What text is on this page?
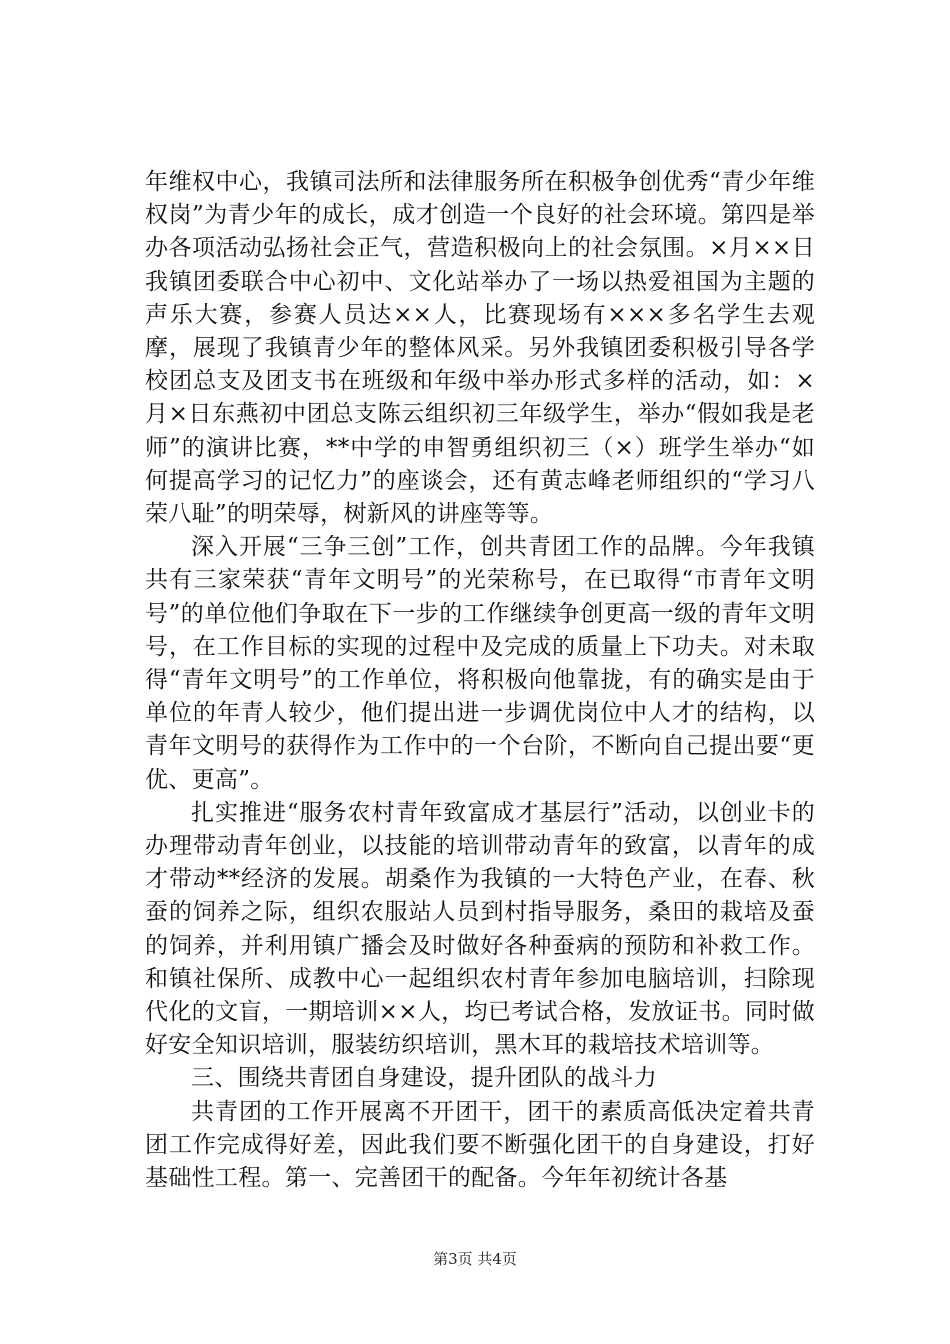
年维权中心，我镇司法所和法律服务所在积极争创优秀“青少年维权岗”为青少年的成长，成才创造一个良好的社会环境。第四是举办各项活动弘扬社会正气，营造积极向上的社会氛围。×月××日我镇团委联合中心初中、文化站举办了一场以热爱祖国为主题的声乐大赛，参赛人员达××人，比赛现场有×××多名学生去观摩，展现了我镇青少年的整体风采。另外我镇团委积极引导各学校团总支及团支书在班级和年级中举办形式多样的活动，如：×月×日东燕初中团总支陈云组织初三年级学生，举办“假如我是老师”的演讲比赛，**中学的申智勇组织初三（×）班学生举办“如何提高学习的记忆力”的座谈会，还有黄志峰老师组织的“学习八荣八耻”的明荣辱，树新风的讲座等等。

深入开展“三争三创”工作，创共青团工作的品牌。今年我镇共有三家荣获“青年文明号”的光荣称号，在已取得“市青年文明号”的单位他们争取在下一步的工作继续争创更高一级的青年文明号，在工作目标的实现的过程中及完成的质量上下功夫。对未取得“青年文明号”的工作单位，将积极向他靠拢，有的确实是由于单位的年青人较少，他们提出进一步调优岗位中人才的结构，以青年文明号的获得作为工作中的一个台阶，不断向自己提出要“更优、更高”。

扎实推进“服务农村青年致富成才基层行”活动，以创业卡的办理带动青年创业，以技能的培训带动青年的致富，以青年的成才带动**经济的发展。胡桑作为我镇的一大特色产业，在春、秋蚕的饲养之际，组织农服站人员到村指导服务，桑田的栽培及蚕的饲养，并利用镇广播会及时做好各种蚕病的预防和补救工作。和镇社保所、成教中心一起组织农村青年参加电脑培训，扫除现代化的文盲，一期培训××人，均已考试合格，发放证书。同时做好安全知识培训，服装纺织培训，黑木耳的栽培技术培训等。

三、围绕共青团自身建设，提升团队的战斗力

共青团的工作开展离不开团干，团干的素质高低决定着共青团工作完成得好差，因此我们要不断强化团干的自身建设，打好基础性工程。第一、完善团干的配备。今年年初统计各基

第3页 共4页
